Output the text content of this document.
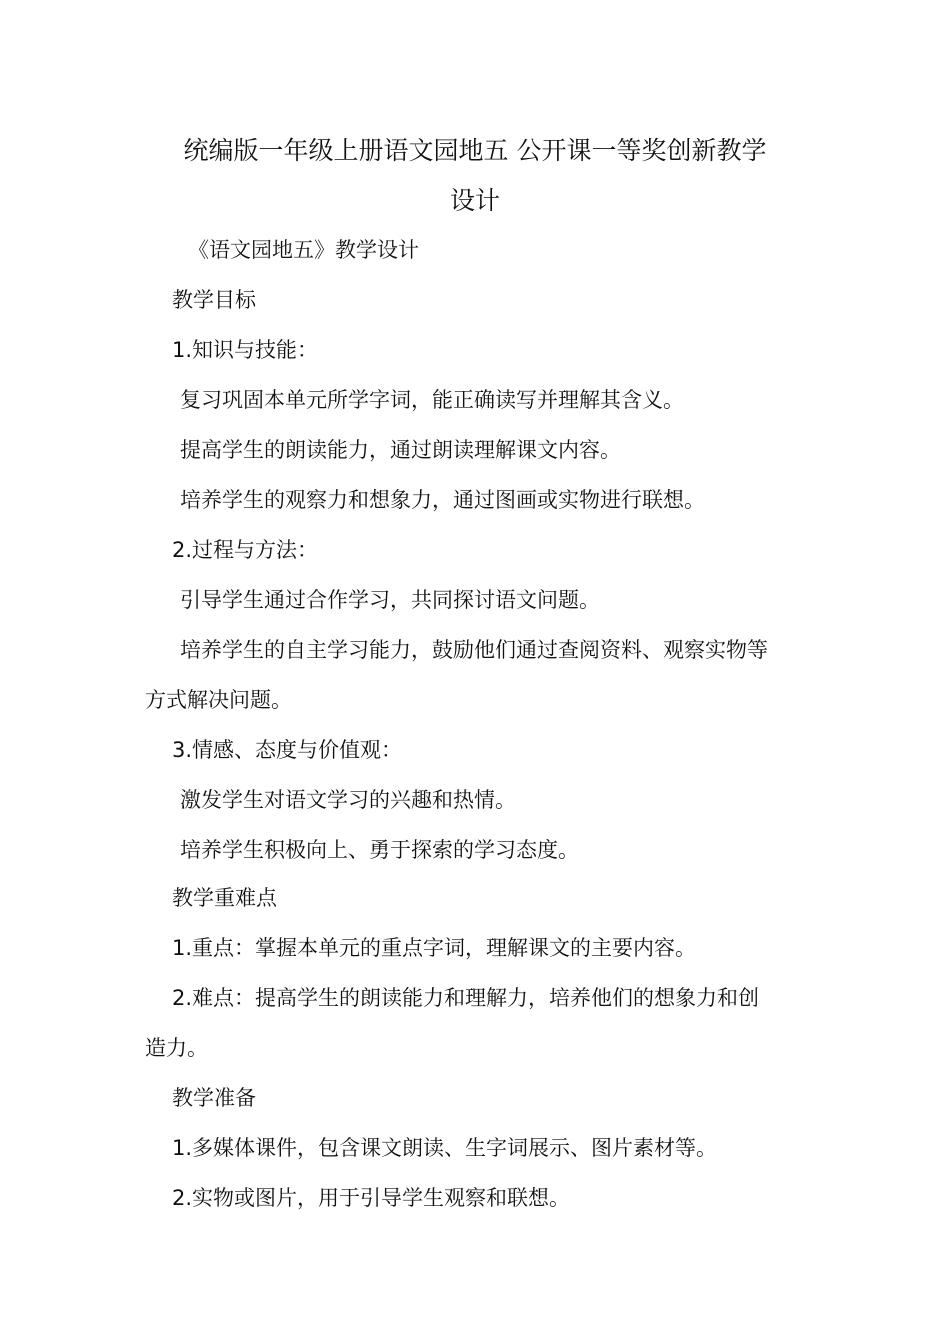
统编版一年级上册语文园地五 公开课一等奖创新教学
设计
《语文园地五》教学设计
教学目标
1.知识与技能：
复习巩固本单元所学字词，能正确读写并理解其含义。
提高学生的朗读能力，通过朗读理解课文内容。
培养学生的观察力和想象力，通过图画或实物进行联想。
2.过程与方法：
引导学生通过合作学习，共同探讨语文问题。
培养学生的自主学习能力，鼓励他们通过查阅资料、观察实物等
方式解决问题。
3.情感、态度与价值观：
激发学生对语文学习的兴趣和热情。
培养学生积极向上、勇于探索的学习态度。
教学重难点
1.重点：掌握本单元的重点字词，理解课文的主要内容。
2.难点：提高学生的朗读能力和理解力，培养他们的想象力和创
造力。
教学准备
1.多媒体课件，包含课文朗读、生字词展示、图片素材等。
2.实物或图片，用于引导学生观察和联想。
